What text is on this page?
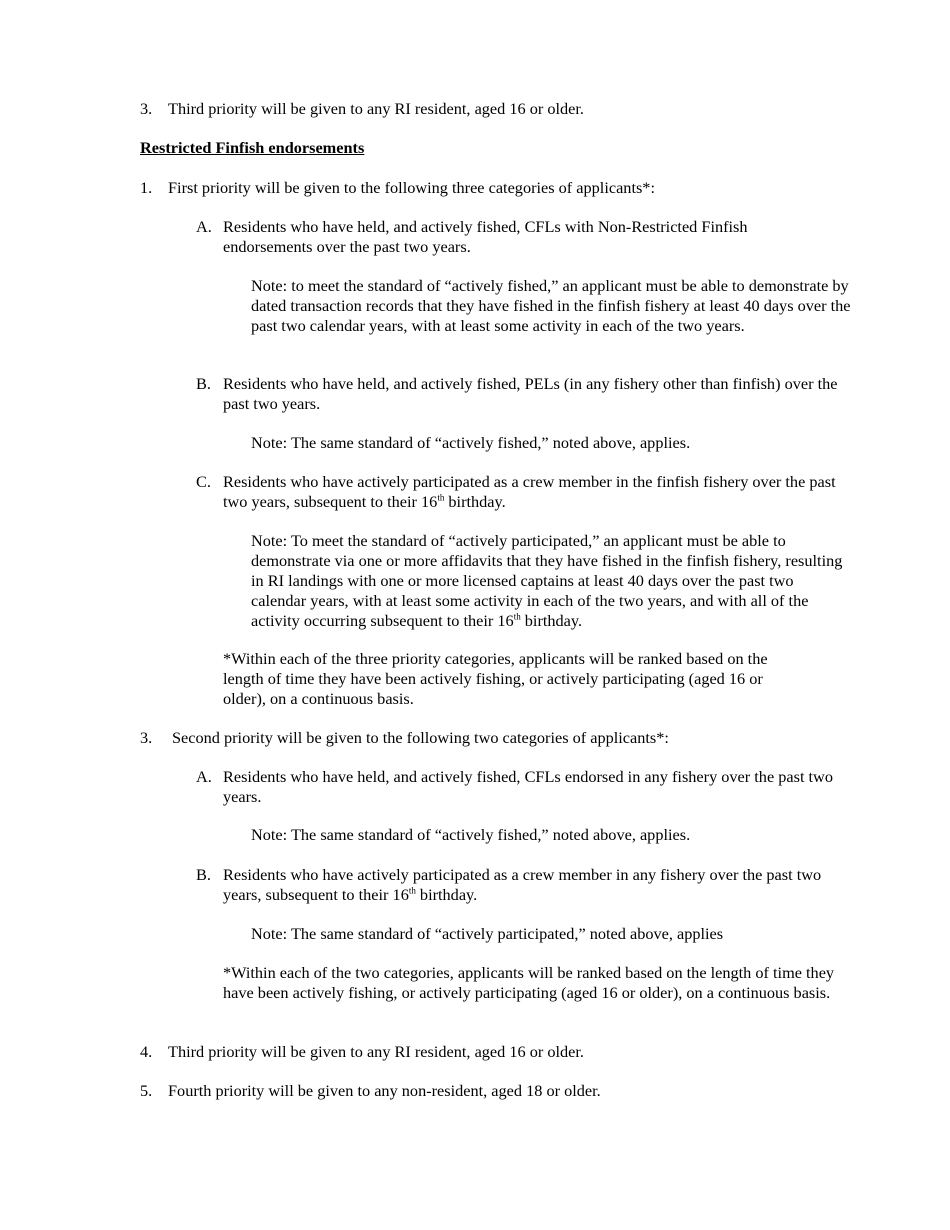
3. Third priority will be given to any RI resident, aged 16 or older.
Restricted Finfish endorsements
1. First priority will be given to the following three categories of applicants*:
A. Residents who have held, and actively fished, CFLs with Non-Restricted Finfish endorsements over the past two years.
Note: to meet the standard of “actively fished,” an applicant must be able to demonstrate by dated transaction records that they have fished in the finfish fishery at least 40 days over the past two calendar years, with at least some activity in each of the two years.
B. Residents who have held, and actively fished, PELs (in any fishery other than finfish) over the past two years.
Note: The same standard of “actively fished,” noted above, applies.
C. Residents who have actively participated as a crew member in the finfish fishery over the past two years, subsequent to their 16th birthday.
Note: To meet the standard of “actively participated,” an applicant must be able to demonstrate via one or more affidavits that they have fished in the finfish fishery, resulting in RI landings with one or more licensed captains at least 40 days over the past two calendar years, with at least some activity in each of the two years, and with all of the activity occurring subsequent to their 16th birthday.
*Within each of the three priority categories, applicants will be ranked based on the length of time they have been actively fishing, or actively participating (aged 16 or older), on a continuous basis.
3. Second priority will be given to the following two categories of applicants*:
A. Residents who have held, and actively fished, CFLs endorsed in any fishery over the past two years.
Note: The same standard of “actively fished,” noted above, applies.
B. Residents who have actively participated as a crew member in any fishery over the past two years, subsequent to their 16th birthday.
Note: The same standard of “actively participated,” noted above, applies
*Within each of the two categories, applicants will be ranked based on the length of time they have been actively fishing, or actively participating (aged 16 or older), on a continuous basis.
4. Third priority will be given to any RI resident, aged 16 or older.
5. Fourth priority will be given to any non-resident, aged 18 or older.
